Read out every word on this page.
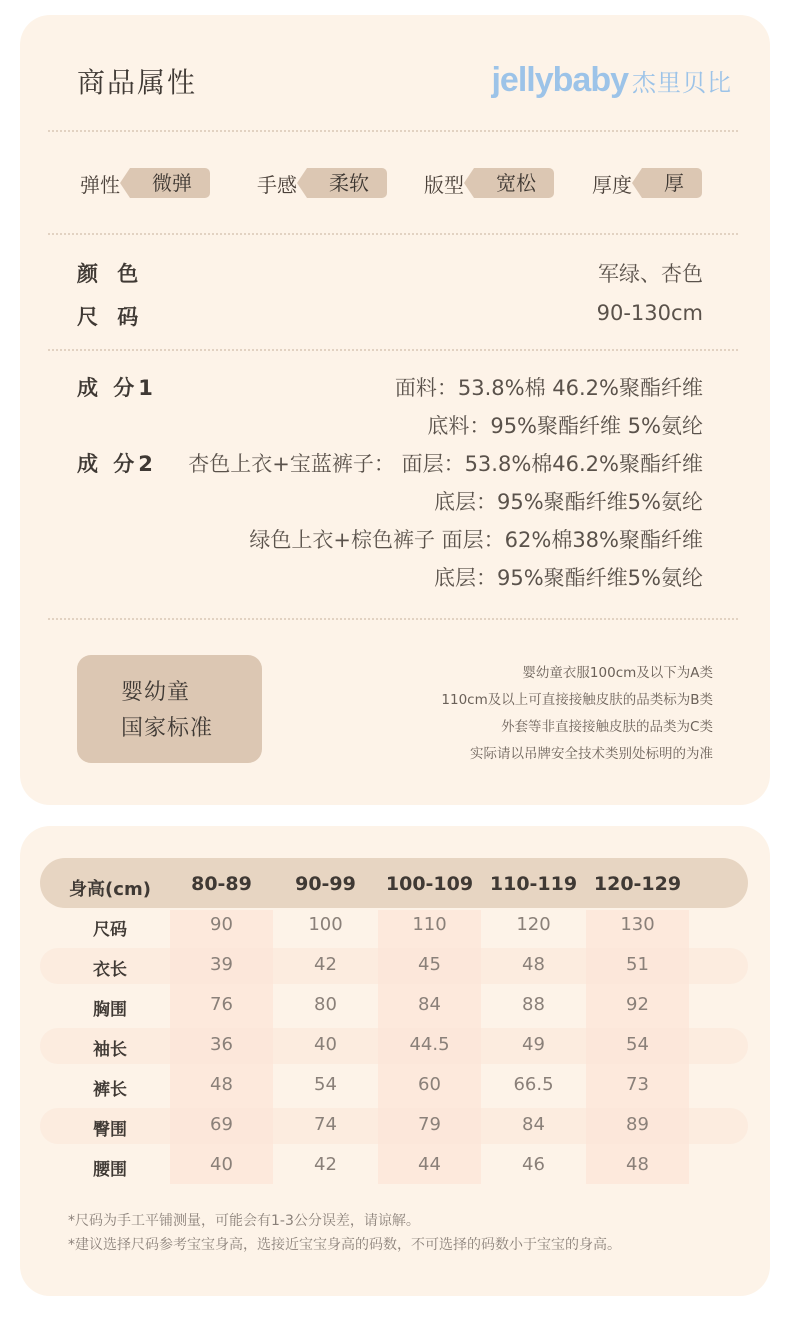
商品属性	jellybaby 杰里贝比
弹性	微弹	手感	柔软	版型	宽松	厚度	厚
颜 色	军绿、杏色
尺 码	90-130cm
成 分1	面料：53.8%棉 46.2%聚酯纤维
底料：95%聚酯纤维 5%氨纶
成 分2 杏色上衣+宝蓝裤子： 面层：53.8%棉46.2%聚酯纤维
底层：95%聚酯纤维5%氨纶
绿色上衣+棕色裤子 面层：62%棉38%聚酯纤维
底层：95%聚酯纤维5%氨纶
婴幼童
国家标准
婴幼童衣服100cm及以下为A类
110cm及以上可直接接触皮肤的品类标为B类
外套等非直接接触皮肤的品类为C类
实际请以吊牌安全技术类别处标明的为准
身高(cm)	80-89	90-99	100-109 110-119 120-129
尺码	90	100	110	120	130
衣长	39	42	45	48	51
胸围	76	80	84	88	92
袖长	36	40	44.5	49	54
裤长	48	54	60	66.5	73
臀围	69	74	79	84	89
腰围	40	42	44	46	48
*尺码为手工平铺测量，可能会有1-3公分误差，请谅解。
*建议选择尺码参考宝宝身高，选接近宝宝身高的码数，不可选择的码数小于宝宝的身高。
